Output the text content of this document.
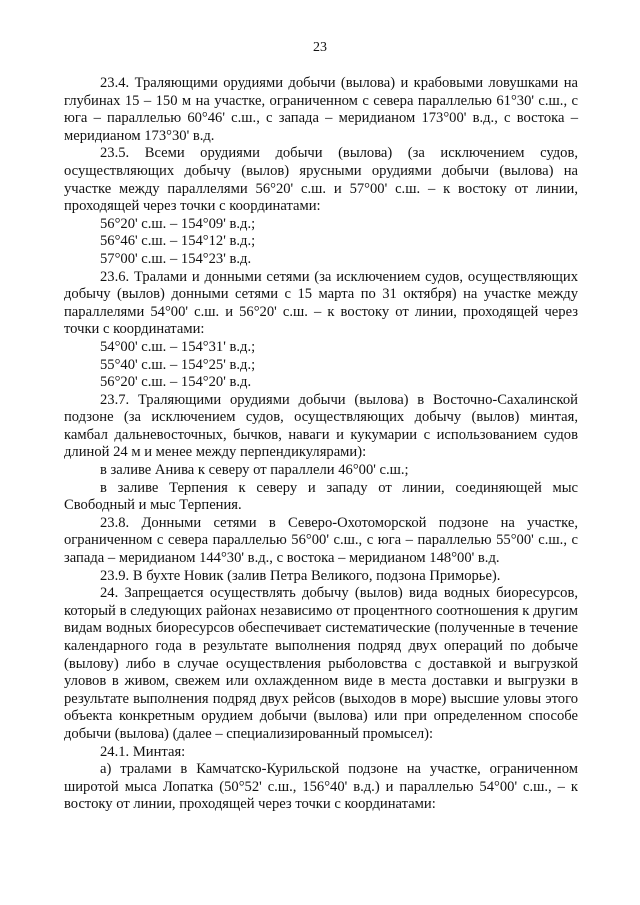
23

23.4. Траляющими орудиями добычи (вылова) и крабовыми ловушками на глубинах 15 – 150 м на участке, ограниченном с севера параллелью 61°30' с.ш., с юга – параллелью 60°46' с.ш., с запада – меридианом 173°00' в.д., с востока – меридианом 173°30' в.д.

23.5. Всеми орудиями добычи (вылова) (за исключением судов, осуществляющих добычу (вылов) ярусными орудиями добычи (вылова) на участке между параллелями 56°20' с.ш. и 57°00' с.ш. – к востоку от линии, проходящей через точки с координатами:

56°20' с.ш. – 154°09' в.д.;

56°46' с.ш. – 154°12' в.д.;

57°00' с.ш. – 154°23' в.д.

23.6. Тралами и донными сетями (за исключением судов, осуществляющих добычу (вылов) донными сетями с 15 марта по 31 октября) на участке между параллелями 54°00' с.ш. и 56°20' с.ш. – к востоку от линии, проходящей через точки с координатами:

54°00' с.ш. – 154°31' в.д.;

55°40' с.ш. – 154°25' в.д.;

56°20' с.ш. – 154°20' в.д.

23.7. Траляющими орудиями добычи (вылова) в Восточно-Сахалинской подзоне (за исключением судов, осуществляющих добычу (вылов) минтая, камбал дальневосточных, бычков, наваги и кукумарии с использованием судов длиной 24 м и менее между перпендикулярами):

в заливе Анива к северу от параллели 46°00' с.ш.;

в заливе Терпения к северу и западу от линии, соединяющей мыс Свободный и мыс Терпения.

23.8. Донными сетями в Северо-Охотоморской подзоне на участке, ограниченном с севера параллелью 56°00' с.ш., с юга – параллелью 55°00' с.ш., с запада – меридианом 144°30' в.д., с востока – меридианом 148°00' в.д.

23.9. В бухте Новик (залив Петра Великого, подзона Приморье).

24. Запрещается осуществлять добычу (вылов) вида водных биоресурсов, который в следующих районах независимо от процентного соотношения к другим видам водных биоресурсов обеспечивает систематические (полученные в течение календарного года в результате выполнения подряд двух операций по добыче (вылову) либо в случае осуществления рыболовства с доставкой и выгрузкой уловов в живом, свежем или охлажденном виде в места доставки и выгрузки в результате выполнения подряд двух рейсов (выходов в море) высшие уловы этого объекта конкретным орудием добычи (вылова) или при определенном способе добычи (вылова) (далее – специализированный промысел):

24.1. Минтая:

а) тралами в Камчатско-Курильской подзоне на участке, ограниченном широтой мыса Лопатка (50°52' с.ш., 156°40' в.д.) и параллелью 54°00' с.ш., – к востоку от линии, проходящей через точки с координатами:
